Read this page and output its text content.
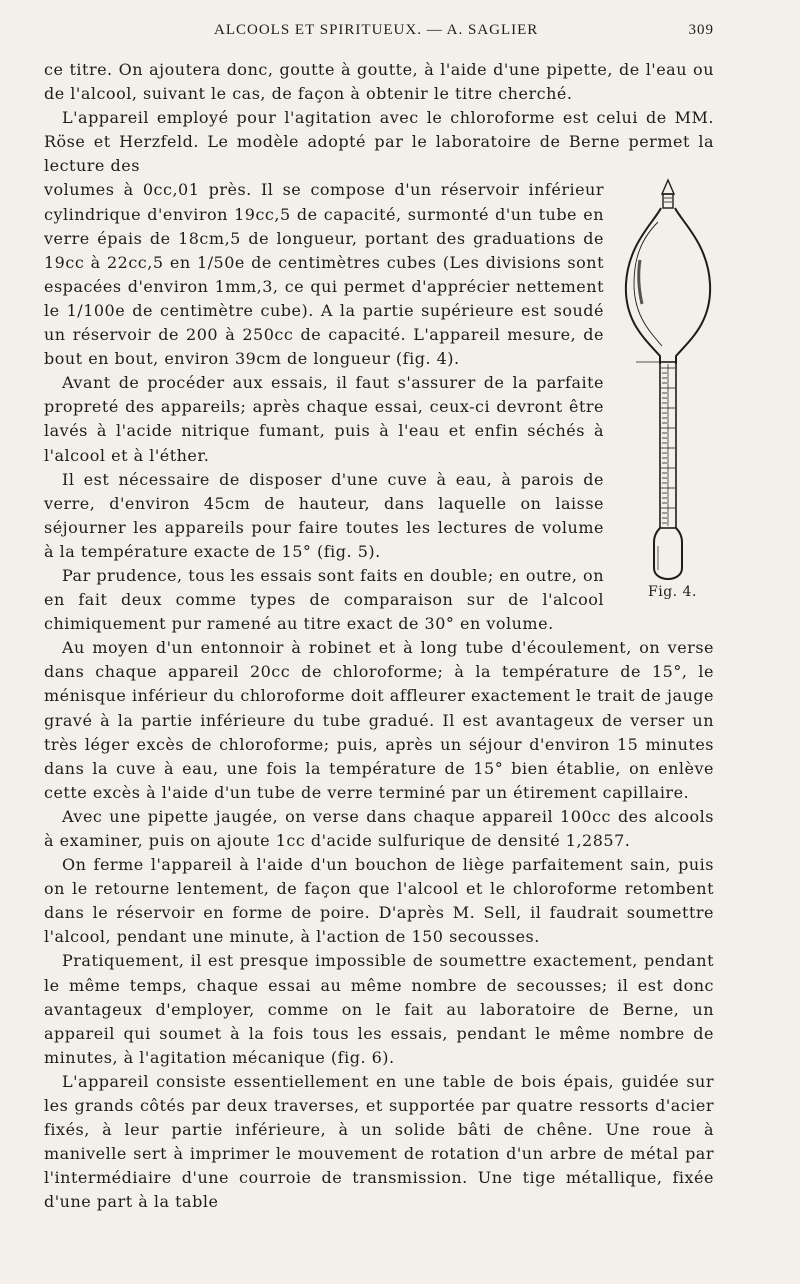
ALCOOLS ET SPIRITUEUX. — A. SAGLIER	309

ce titre. On ajoutera donc, goutte à goutte, à l'aide d'une pipette, de l'eau ou de l'alcool, suivant le cas, de façon à obtenir le titre cherché.

L'appareil employé pour l'agitation avec le chloroforme est celui de MM. Röse et Herzfeld. Le modèle adopté par le laboratoire de Berne permet la lecture des

volumes à 0cc,01 près. Il se compose d'un réservoir inférieur cylindrique d'environ 19cc,5 de capacité, surmonté d'un tube en verre épais de 18cm,5 de longueur, portant des graduations de 19cc à 22cc,5 en 1/50e de centimètres cubes (Les divisions sont espacées d'environ 1mm,3, ce qui permet d'apprécier nettement le 1/100e de centimètre cube). A la partie supérieure est soudé un réservoir de 200 à 250cc de capacité. L'appareil mesure, de bout en bout, environ 39cm de longueur (fig. 4).

Avant de procéder aux essais, il faut s'assurer de la parfaite propreté des appareils; après chaque essai, ceux-ci devront être lavés à l'acide nitrique fumant, puis à l'eau et enfin séchés à l'alcool et à l'éther.

Il est nécessaire de disposer d'une cuve à eau, à parois de verre, d'environ 45cm de hauteur, dans laquelle on laisse séjourner les appareils pour faire toutes les lectures de volume à la température exacte de 15° (fig. 5).

Par prudence, tous les essais sont faits en double; en outre, on en fait deux comme types de comparaison sur de l'alcool chimiquement pur ramené au titre exact de 30° en volume.

Au moyen d'un entonnoir à robinet et à long tube d'écoulement, on verse dans chaque appareil 20cc de chloroforme; à la température de 15°, le ménisque inférieur du chloroforme doit affleurer exactement le trait de jauge gravé à la partie inférieure du tube gradué. Il est avantageux de verser un très léger excès de chloroforme; puis, après un séjour d'environ 15 minutes dans la cuve à eau, une fois la température de 15° bien établie, on enlève cette excès à l'aide d'un tube de verre terminé par un étirement capillaire.

Avec une pipette jaugée, on verse dans chaque appareil 100cc des alcools à examiner, puis on ajoute 1cc d'acide sulfurique de densité 1,2857.

On ferme l'appareil à l'aide d'un bouchon de liège parfaitement sain, puis on le retourne lentement, de façon que l'alcool et le chloroforme retombent dans le réservoir en forme de poire. D'après M. Sell, il faudrait soumettre l'alcool, pendant une minute, à l'action de 150 secousses.

Pratiquement, il est presque impossible de soumettre exactement, pendant le même temps, chaque essai au même nombre de secousses; il est donc avantageux d'employer, comme on le fait au laboratoire de Berne, un appareil qui soumet à la fois tous les essais, pendant le même nombre de minutes, à l'agitation mécanique (fig. 6).

L'appareil consiste essentiellement en une table de bois épais, guidée sur les grands côtés par deux traverses, et supportée par quatre ressorts d'acier fixés, à leur partie inférieure, à un solide bâti de chêne. Une roue à manivelle sert à imprimer le mouvement de rotation d'un arbre de métal par l'intermédiaire d'une courroie de transmission. Une tige métallique, fixée d'une part à la table

Fig. 4.
